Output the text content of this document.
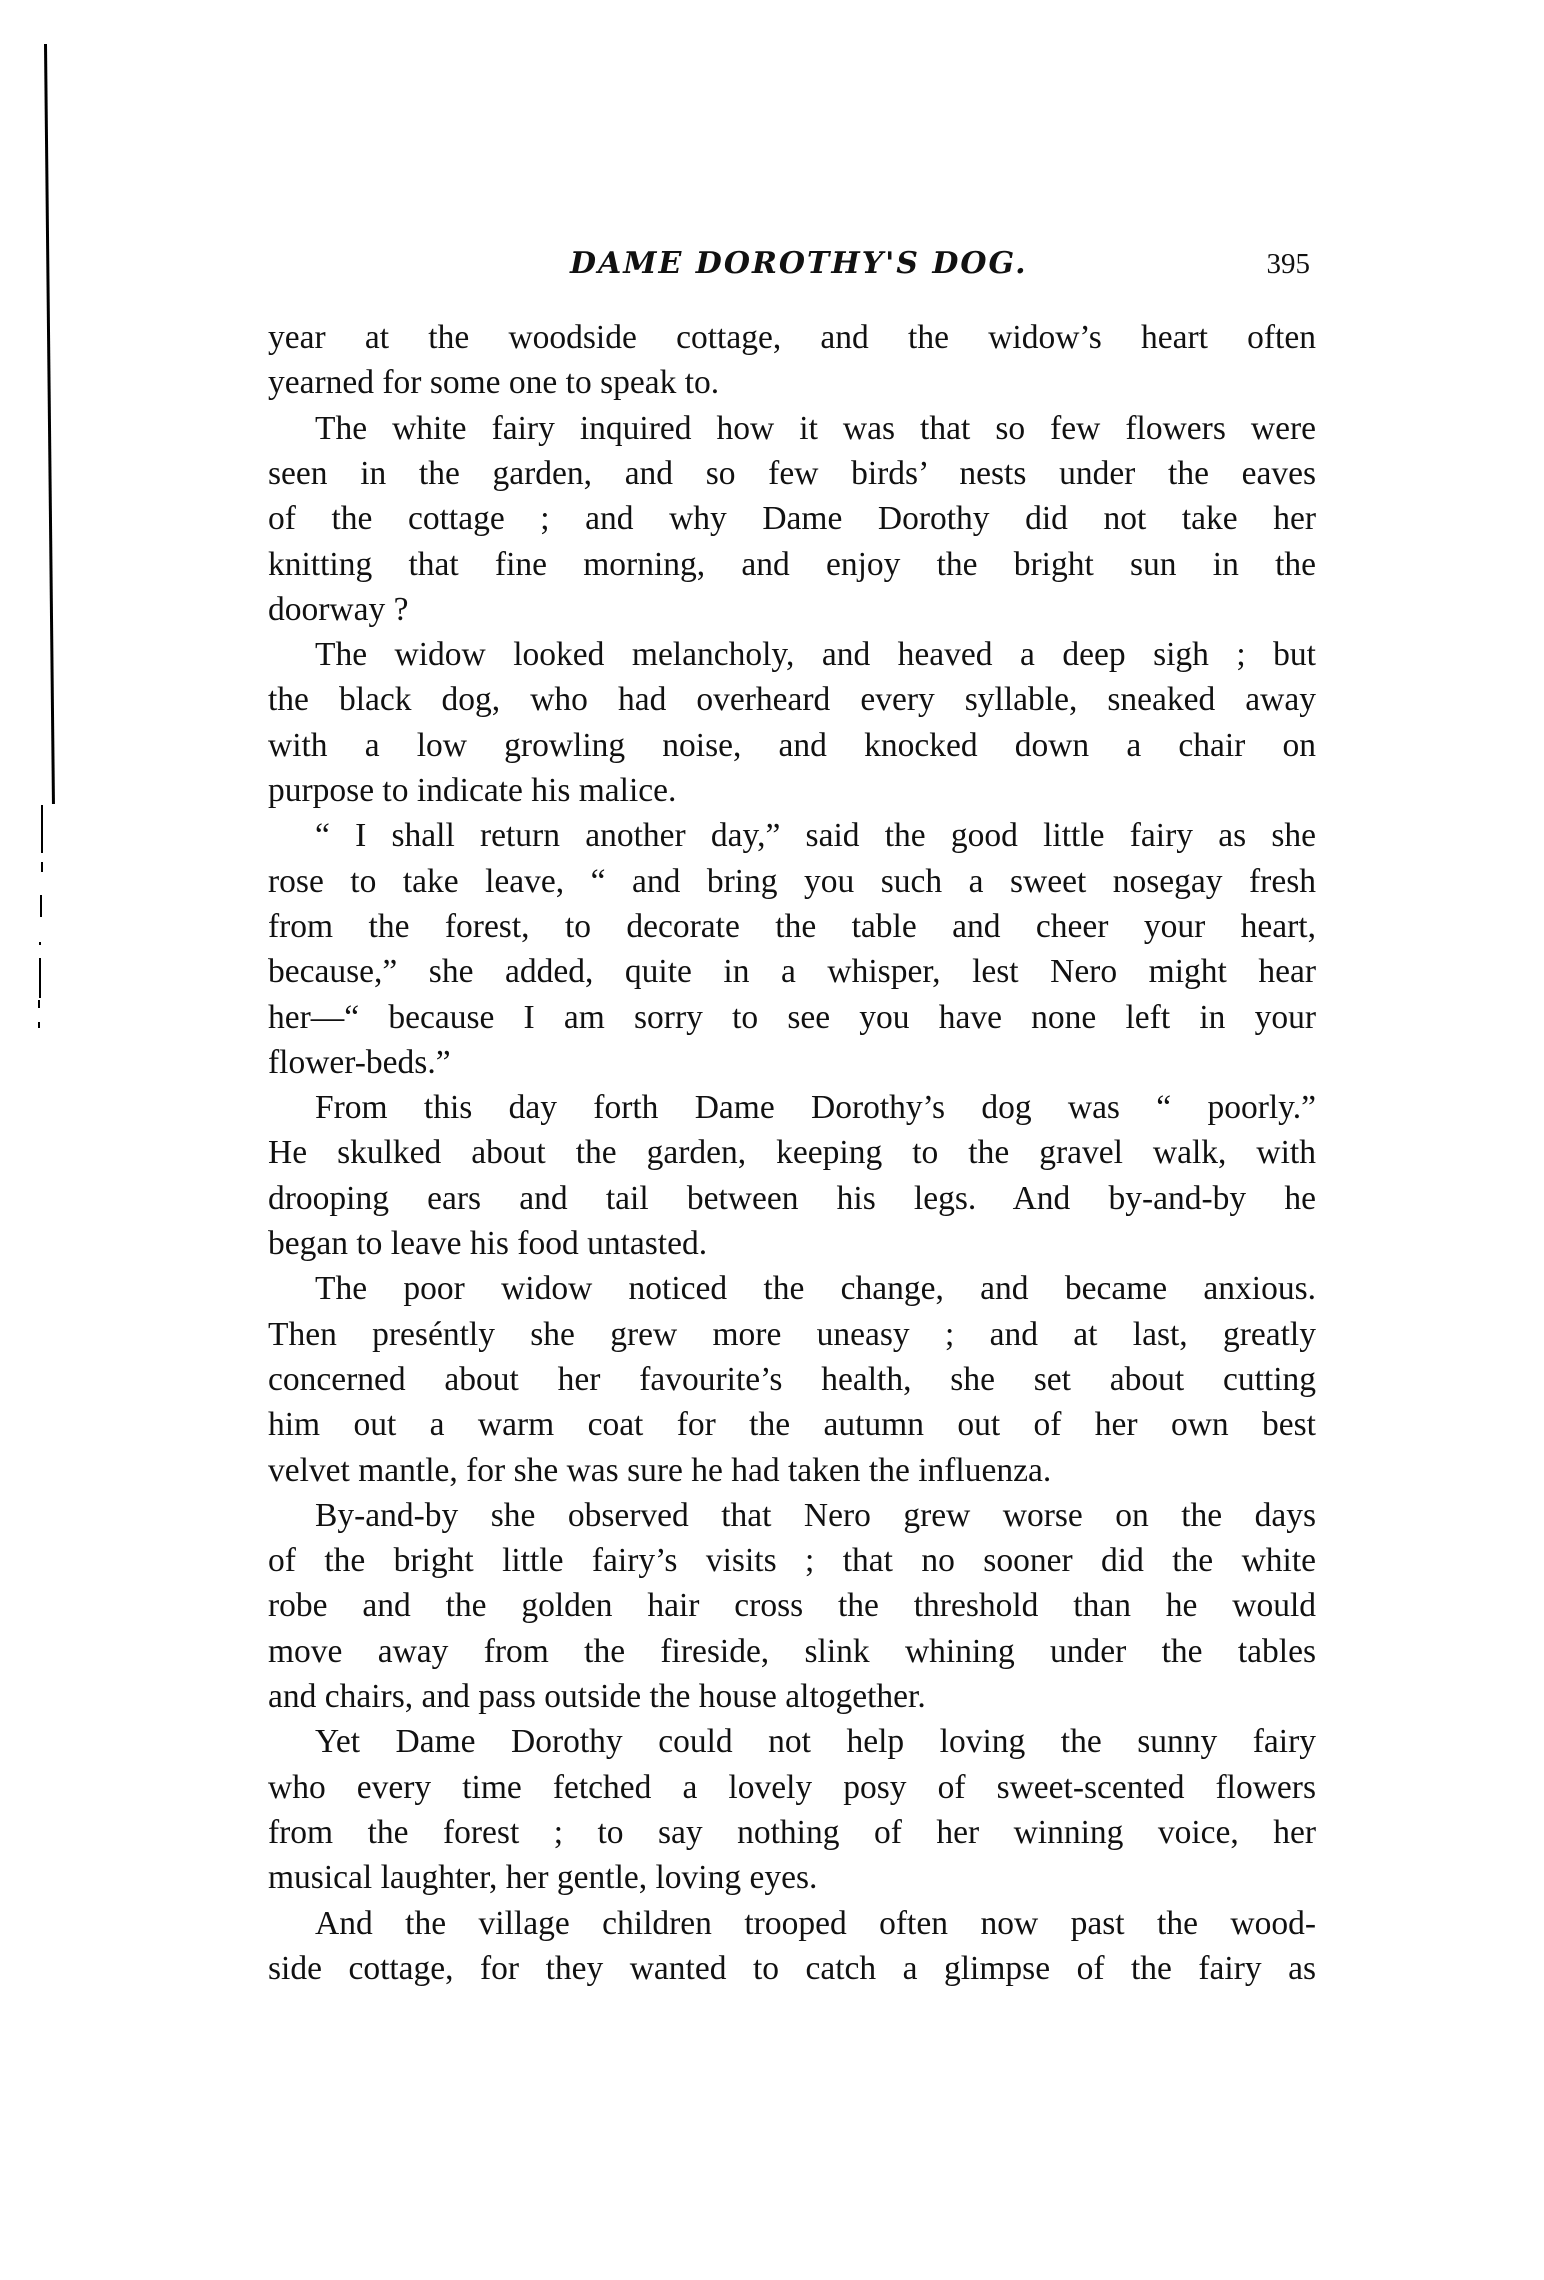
DAME DOROTHY'S DOG.	395
year at the woodside cottage, and the widow’s heart often
yearned for some one to speak to.
The white fairy inquired how it was that so few flowers were
seen in the garden, and so few birds’ nests under the eaves
of the cottage ; and why Dame Dorothy did not take her
knitting that fine morning, and enjoy the bright sun in the
doorway ?
The widow looked melancholy, and heaved a deep sigh ; but
the black dog, who had overheard every syllable, sneaked away
with a low growling noise, and knocked down a chair on
purpose to indicate his malice.
“ I shall return another day,” said the good little fairy as she
rose to take leave, “ and bring you such a sweet nosegay fresh
from the forest, to decorate the table and cheer your heart,
because,” she added, quite in a whisper, lest Nero might hear
her—“ because I am sorry to see you have none left in your
flower-beds.”
From this day forth Dame Dorothy’s dog was “ poorly.”
He skulked about the garden, keeping to the gravel walk, with
drooping ears and tail between his legs. And by-and-by he
began to leave his food untasted.
The poor widow noticed the change, and became anxious.
Then preséntly she grew more uneasy ; and at last, greatly
concerned about her favourite’s health, she set about cutting
him out a warm coat for the autumn out of her own best
velvet mantle, for she was sure he had taken the influenza.
By-and-by she observed that Nero grew worse on the days
of the bright little fairy’s visits ; that no sooner did the white
robe and the golden hair cross the threshold than he would
move away from the fireside, slink whining under the tables
and chairs, and pass outside the house altogether.
Yet Dame Dorothy could not help loving the sunny fairy
who every time fetched a lovely posy of sweet-scented flowers
from the forest ; to say nothing of her winning voice, her
musical laughter, her gentle, loving eyes.
And the village children trooped often now past the wood-
side cottage, for they wanted to catch a glimpse of the fairy as
